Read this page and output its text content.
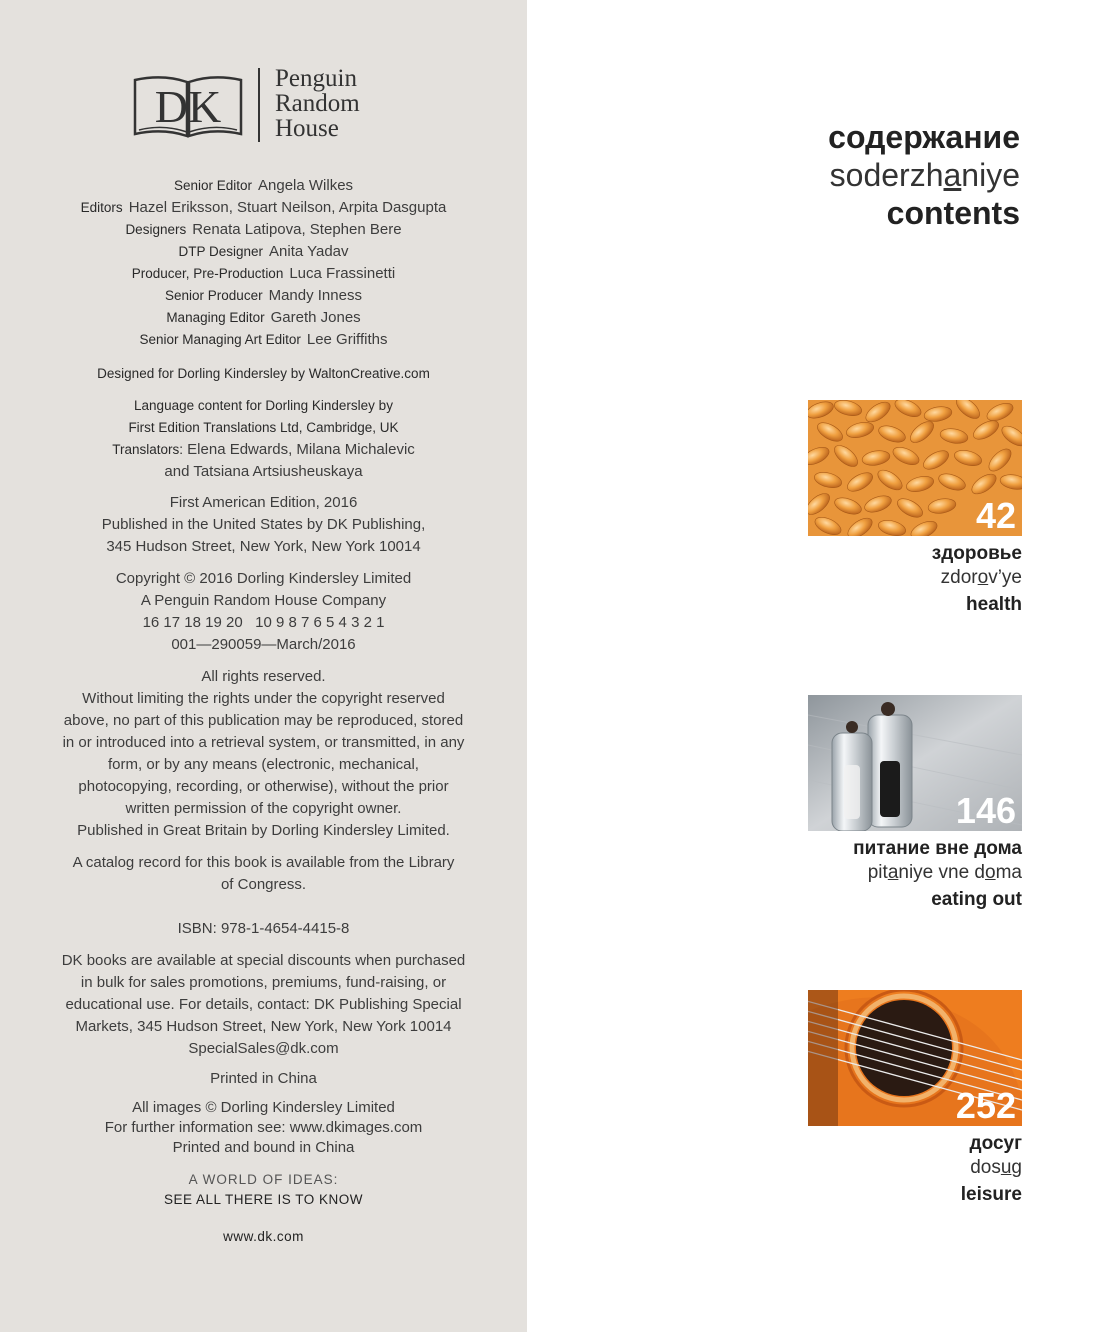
DK
Penguin
Random
House
Senior Editor Angela Wilkes
Editors Hazel Eriksson, Stuart Neilson, Arpita Dasgupta
Designers Renata Latipova, Stephen Bere
DTP Designer Anita Yadav
Producer, Pre-Production Luca Frassinetti
Senior Producer Mandy Inness
Managing Editor Gareth Jones
Senior Managing Art Editor Lee Griffiths
Designed for Dorling Kindersley by WaltonCreative.com
Language content for Dorling Kindersley by
First Edition Translations Ltd, Cambridge, UK
Translators: Elena Edwards, Milana Michalevic
and Tatsiana Artsiusheuskaya
First American Edition, 2016
Published in the United States by DK Publishing,
345 Hudson Street, New York, New York 10014
Copyright © 2016 Dorling Kindersley Limited
A Penguin Random House Company
16 17 18 19 20   10 9 8 7 6 5 4 3 2 1
001—290059—March/2016
All rights reserved.
Without limiting the rights under the copyright reserved
above, no part of this publication may be reproduced, stored
in or introduced into a retrieval system, or transmitted, in any
form, or by any means (electronic, mechanical,
photocopying, recording, or otherwise), without the prior
written permission of the copyright owner.
Published in Great Britain by Dorling Kindersley Limited.
A catalog record for this book is available from the Library
of Congress.
ISBN: 978-1-4654-4415-8
DK books are available at special discounts when purchased
in bulk for sales promotions, premiums, fund-raising, or
educational use. For details, contact: DK Publishing Special
Markets, 345 Hudson Street, New York, New York 10014
SpecialSales@dk.com
Printed in China
All images © Dorling Kindersley Limited
For further information see: www.dkimages.com
Printed and bound in China
A WORLD OF IDEAS:
SEE ALL THERE IS TO KNOW
www.dk.com
содержание
soderzhaniye
contents
42
здоровье
zdorov’ye
health
146
питание вне дома
pitaniye vne doma
eating out
252
досуг
dosug
leisure
